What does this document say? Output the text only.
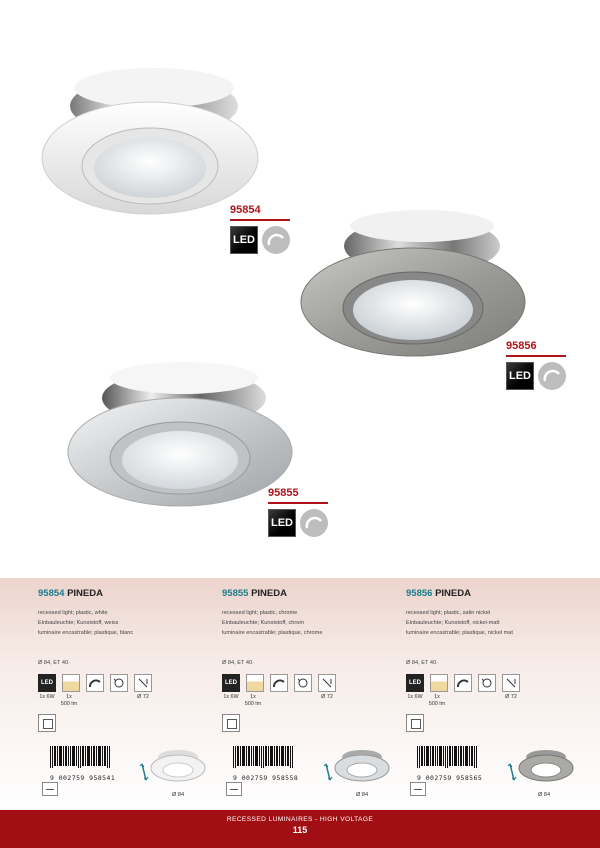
95854
LED
95856
LED
95855
LED
95854 PINEDA
recessed light; plastic, white
Einbauleuchte; Kunststoff, weiss
luminaire encastrable; plastique, blanc
Ø 84, ET 40
LED
1x 6W	1x
500 lm
Ø 72
95855 PINEDA
recessed light; plastic, chrome
Einbauleuchte; Kunststoff, chrom
luminaire encastrable; plastique, chrome
Ø 84, ET 40
LED
1x 6W	1x
500 lm
Ø 72
95856 PINEDA
recessed light; plastic, satin nickel
Einbauleuchte; Kunststoff, nickel-matt
luminaire encastrable; plastique, nickel mat
Ø 84, ET 40
LED
1x 6W	1x
500 lm
Ø 72
9 002759 958541
Ø 84
9 002759 958558
Ø 84
9 002759 958565
Ø 84
RECESSED LUMINAIRES - HIGH VOLTAGE
115
